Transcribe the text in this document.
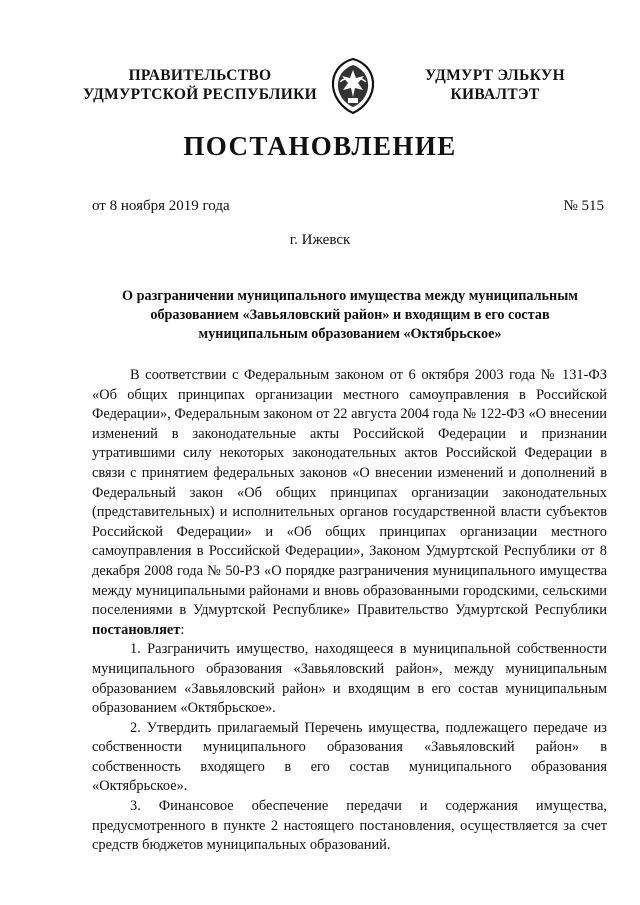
ПРАВИТЕЛЬСТВО
УДМУРТСКОЙ РЕСПУБЛИКИ
УДМУРТ ЭЛЬКУН
КИВАЛТЭТ
ПОСТАНОВЛЕНИЕ
от 8 ноября 2019 года	№ 515
г. Ижевск
О разграничении муниципального имущества между муниципальным
образованием «Завьяловский район» и входящим в его состав
муниципальным образованием «Октябрьское»

В соответствии с Федеральным законом от 6 октября 2003 года № 131-ФЗ «Об общих принципах организации местного самоуправления в Российской Федерации», Федеральным законом от 22 августа 2004 года № 122-ФЗ «О внесении изменений в законодательные акты Российской Федерации и признании утратившими силу некоторых законодательных актов Российской Федерации в связи с принятием федеральных законов «О внесении изменений и дополнений в Федеральный закон «Об общих принципах организации законодательных (представительных) и исполнительных органов государственной власти субъектов Российской Федерации» и «Об общих принципах организации местного самоуправления в Российской Федерации», Законом Удмуртской Республики от 8 декабря 2008 года № 50-РЗ «О порядке разграничения муниципального имущества между муниципальными районами и вновь образованными городскими, сельскими поселениями в Удмуртской Республике» Правительство Удмуртской Республики постановляет:

1. Разграничить имущество, находящееся в муниципальной собственности муниципального образования «Завьяловский район», между муниципальным образованием «Завьяловский район» и входящим в его состав муниципальным образованием «Октябрьское».

2. Утвердить прилагаемый Перечень имущества, подлежащего передаче из собственности муниципального образования «Завьяловский район» в собственность входящего в его состав муниципального образования «Октябрьское».

3. Финансовое обеспечение передачи и содержания имущества, предусмотренного в пункте 2 настоящего постановления, осуществляется за счет средств бюджетов муниципальных образований.
